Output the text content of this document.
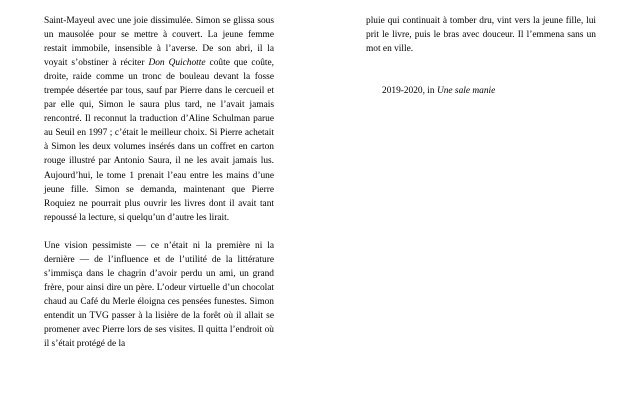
Saint-Mayeul avec une joie dissimulée. Simon se glissa sous un mausolée pour se mettre à couvert. La jeune femme restait immobile, insensible à l’averse. De son abri, il la voyait s’obstiner à réciter Don Quichotte coûte que coûte, droite, raide comme un tronc de bouleau devant la fosse trempée désertée par tous, sauf par Pierre dans le cercueil et par elle qui, Simon le saura plus tard, ne l’avait jamais rencontré. Il reconnut la traduction d’Aline Schulman parue au Seuil en 1997 ; c’était le meilleur choix. Si Pierre achetait à Simon les deux volumes insérés dans un coffret en carton rouge illustré par Antonio Saura, il ne les avait jamais lus. Aujourd’hui, le tome 1 prenait l’eau entre les mains d’une jeune fille. Simon se demanda, maintenant que Pierre Roquiez ne pourrait plus ouvrir les livres dont il avait tant repoussé la lecture, si quelqu’un d’autre les lirait.

Une vision pessimiste — ce n’était ni la première ni la dernière — de l’influence et de l’utilité de la littérature s’immisça dans le chagrin d’avoir perdu un ami, un grand frère, pour ainsi dire un père. L’odeur virtuelle d’un chocolat chaud au Café du Merle éloigna ces pensées funestes. Simon entendit un TVG passer à la lisière de la forêt où il allait se promener avec Pierre lors de ses visites. Il quitta l’endroit où il s’était protégé de la

pluie qui continuait à tomber dru, vint vers la jeune fille, lui prit le livre, puis le bras avec douceur. Il l’emmena sans un mot en ville.

2019-2020, in Une sale manie
